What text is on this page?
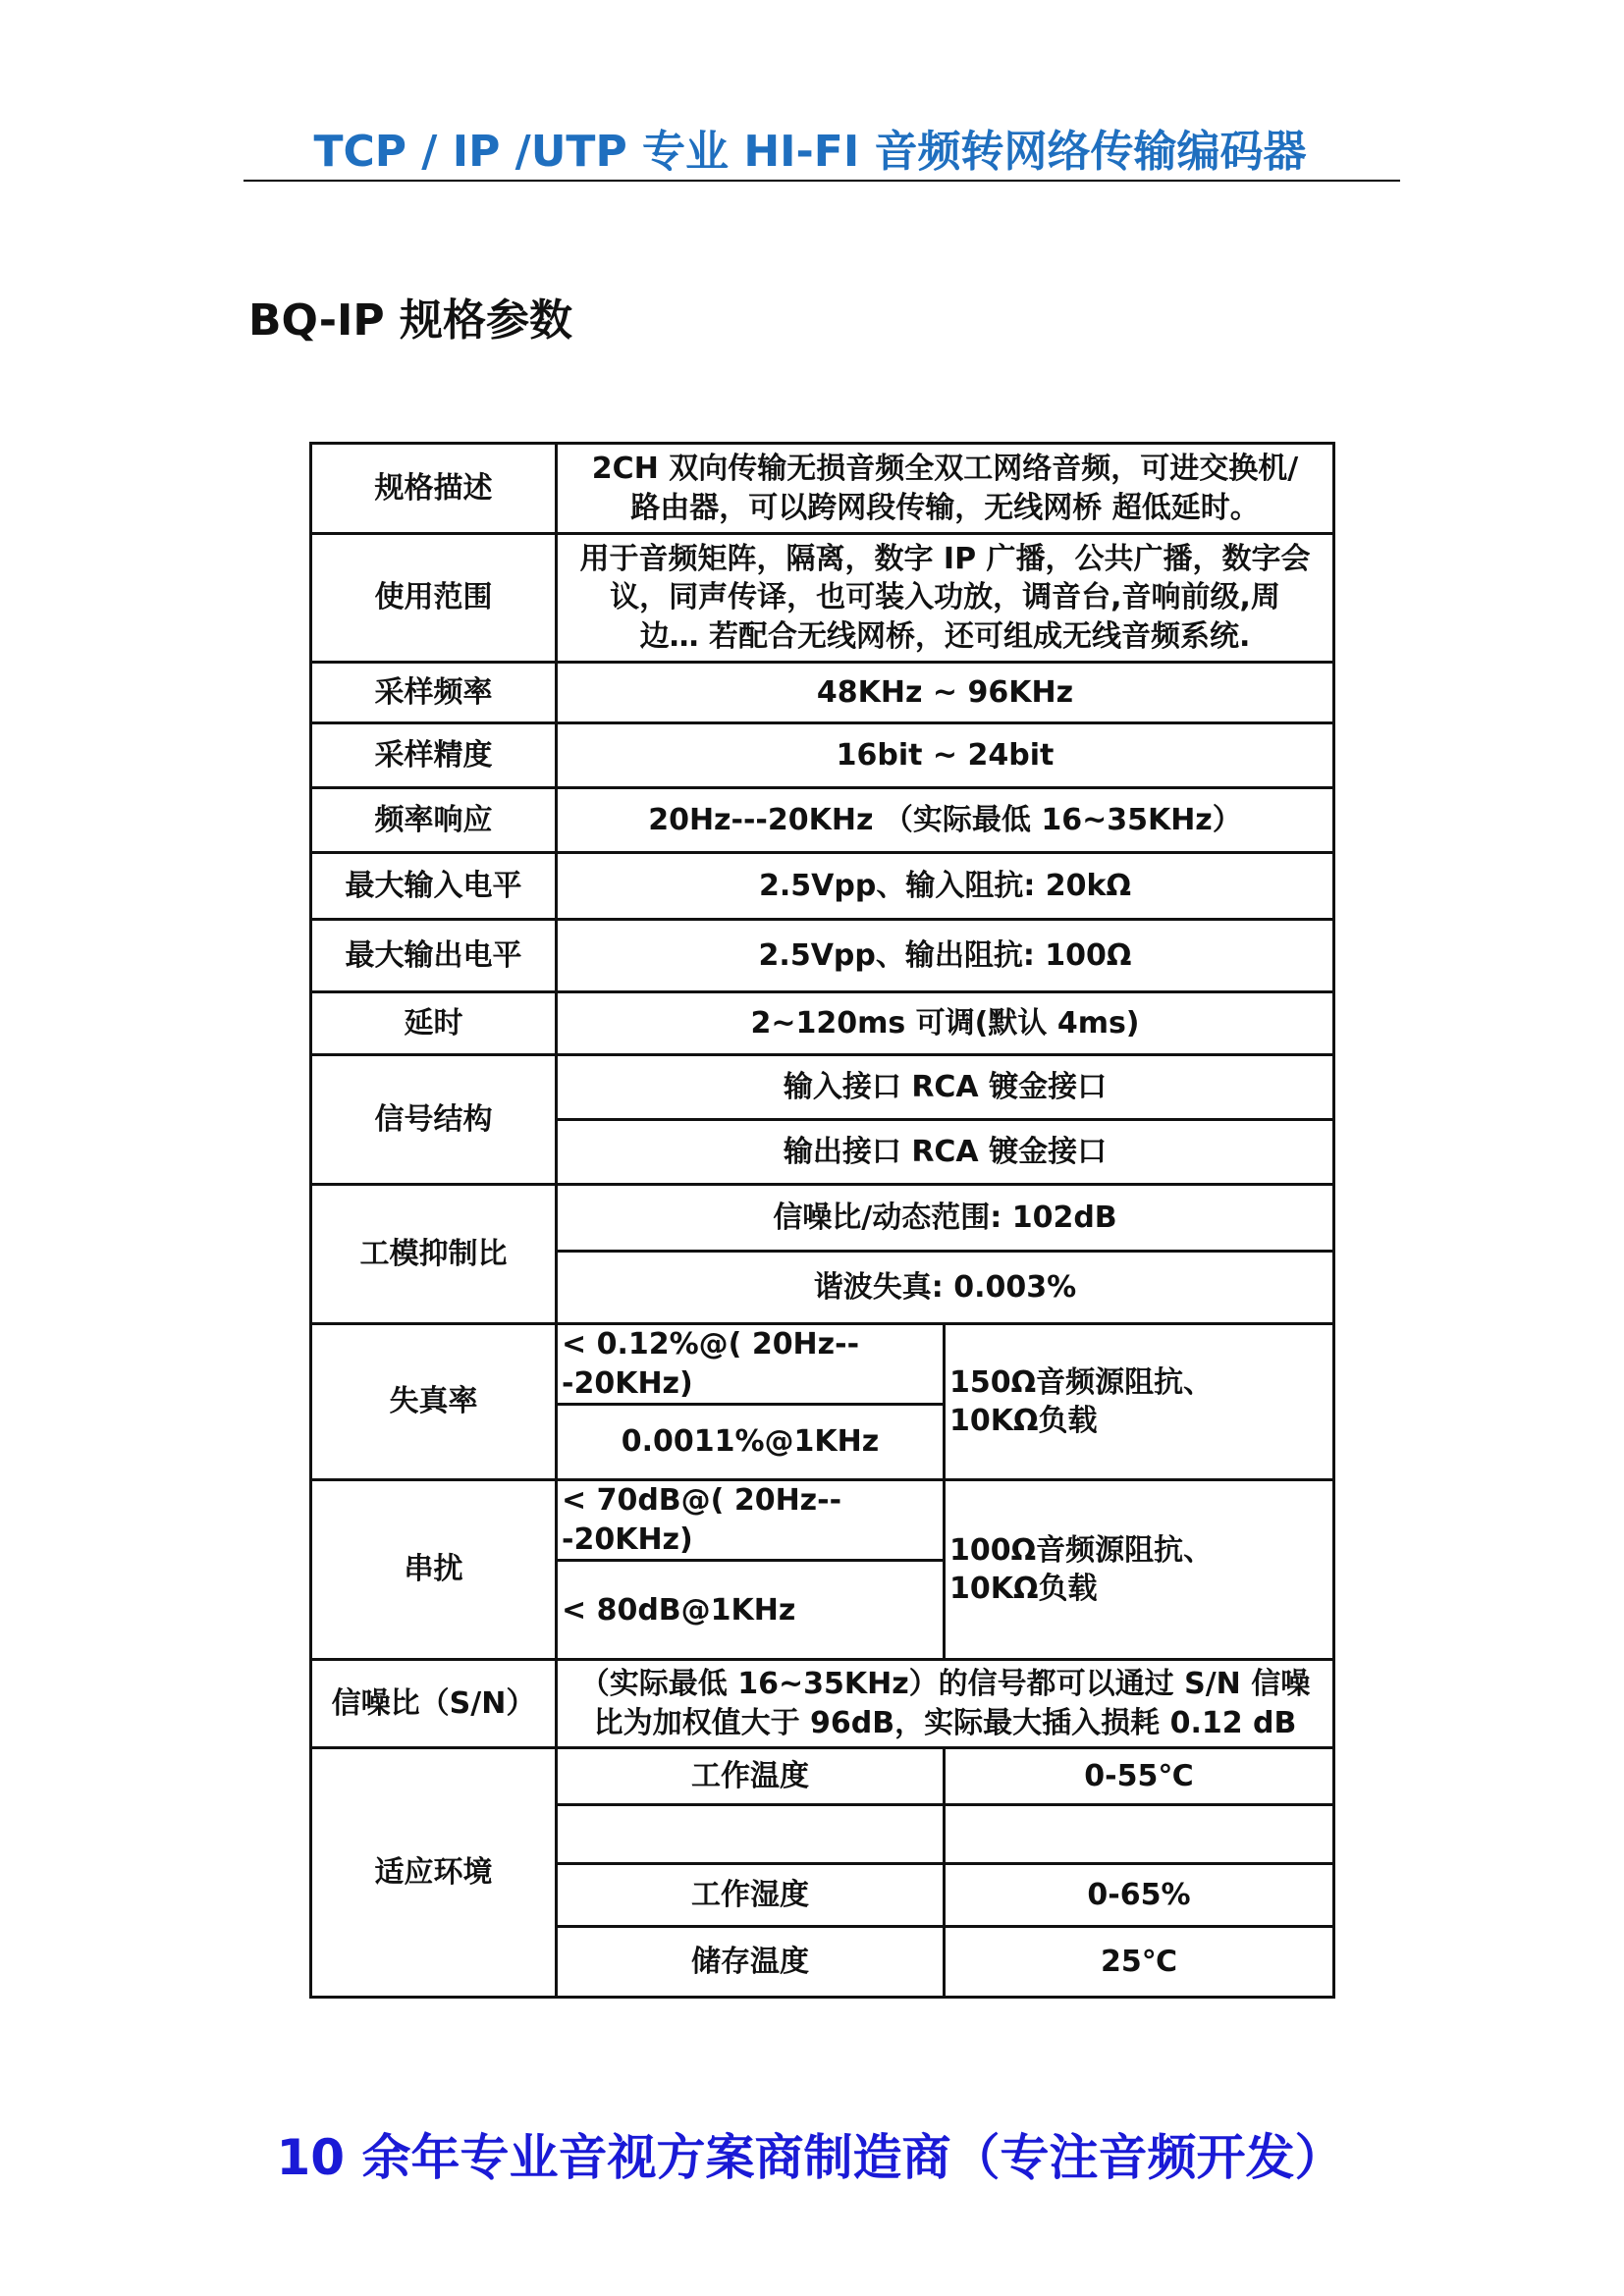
TCP / IP /UTP 专业 HI-FI 音频转网络传输编码器
BQ-IP 规格参数
规格描述	2CH 双向传输无损音频全双工网络音频，可进交换机/
路由器，可以跨网段传输，无线网桥 超低延时。	

使用范围	用于音频矩阵，隔离，数字 IP 广播，公共广播，数字会
议，同声传译，也可装入功放，调音台,音响前级,周
边… 若配合无线网桥，还可组成无线音频系统.	

采样频率	48KHz ~ 96KHz	
采样精度	16bit ~ 24bit	
频率响应	20Hz---20KHz （实际最低 16~35KHz）	
最大输入电平	2.5Vpp、输入阻抗: 20kΩ	
最大输出电平	2.5Vpp、输出阻抗: 100Ω	
延时	2~120ms 可调(默认 4ms)	
信号结构	输入接口 RCA 镀金接口	
	输出接口 RCA 镀金接口	
工模抑制比	信噪比/动态范围: 102dB	
	谐波失真: 0.003%	
失真率	< 0.12%@( 20Hz---20KHz)	150Ω音频源阻抗、
10KΩ负载

	0.0011%@1KHz	
串扰	< 70dB@( 20Hz---20KHz)	100Ω音频源阻抗、
10KΩ负载

	< 80dB@1KHz	
信噪比（S/N）	（实际最低 16~35KHz）的信号都可以通过 S/N 信噪
比为加权值大于 96dB，实际最大插入损耗 0.12 dB	

适应环境	工作温度	0-55℃

	工作湿度	0-65%
	储存温度	25℃
10 余年专业音视方案商制造商（专注音频开发）
